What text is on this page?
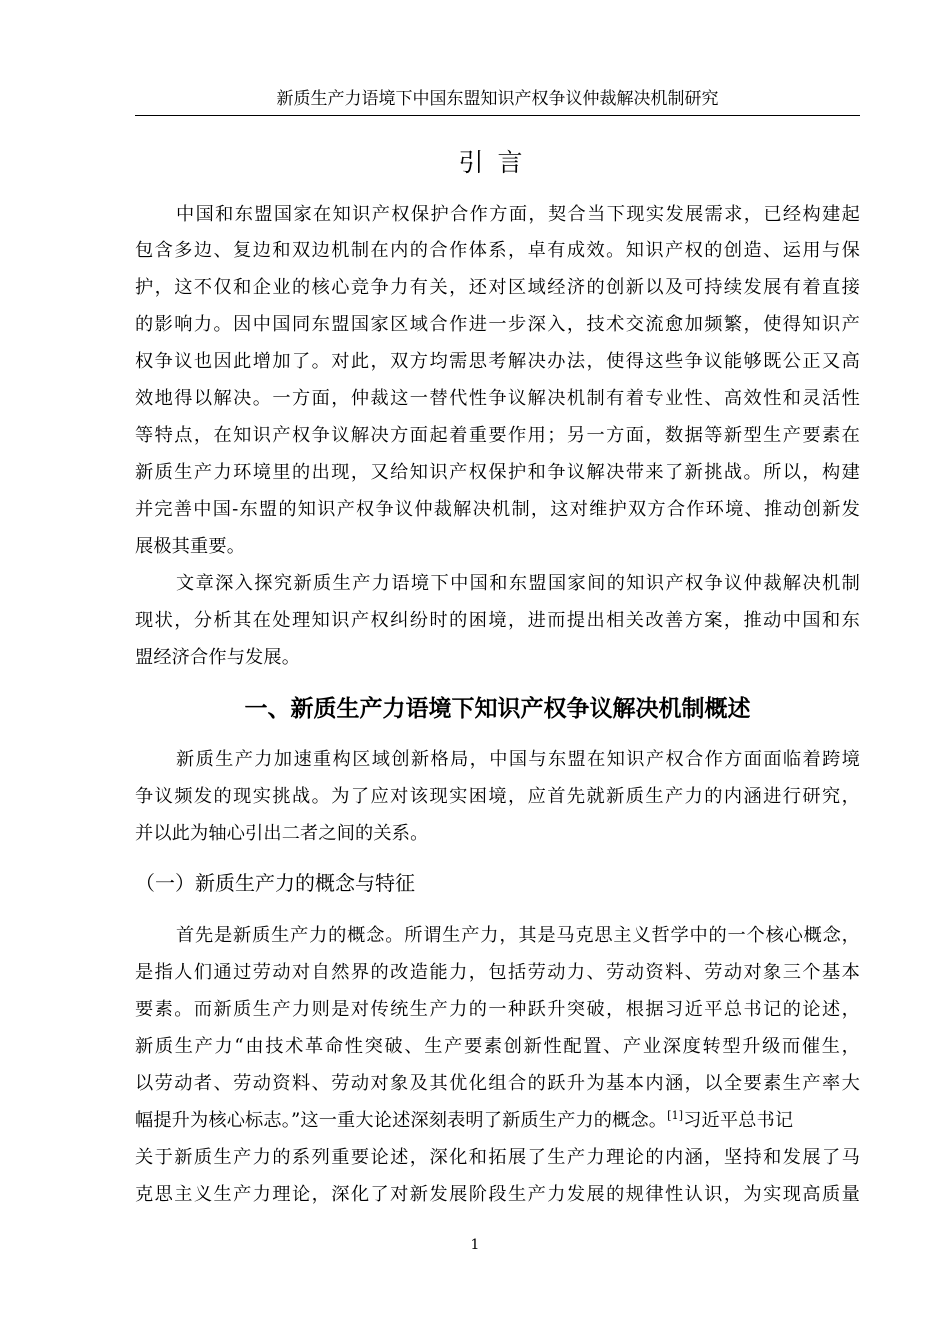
新质生产力语境下中国东盟知识产权争议仲裁解决机制研究
引言
中国和东盟国家在知识产权保护合作方面，契合当下现实发展需求，已经构建起
包含多边、复边和双边机制在内的合作体系，卓有成效。知识产权的创造、运用与保
护，这不仅和企业的核心竞争力有关，还对区域经济的创新以及可持续发展有着直接
的影响力。因中国同东盟国家区域合作进一步深入，技术交流愈加频繁，使得知识产
权争议也因此增加了。对此，双方均需思考解决办法，使得这些争议能够既公正又高
效地得以解决。一方面，仲裁这一替代性争议解决机制有着专业性、高效性和灵活性
等特点，在知识产权争议解决方面起着重要作用；另一方面，数据等新型生产要素在
新质生产力环境里的出现，又给知识产权保护和争议解决带来了新挑战。所以，构建
并完善中国-东盟的知识产权争议仲裁解决机制，这对维护双方合作环境、推动创新发
展极其重要。
文章深入探究新质生产力语境下中国和东盟国家间的知识产权争议仲裁解决机制
现状，分析其在处理知识产权纠纷时的困境，进而提出相关改善方案，推动中国和东
盟经济合作与发展。
一、新质生产力语境下知识产权争议解决机制概述
新质生产力加速重构区域创新格局，中国与东盟在知识产权合作方面面临着跨境
争议频发的现实挑战。为了应对该现实困境，应首先就新质生产力的内涵进行研究，
并以此为轴心引出二者之间的关系。
（一）新质生产力的概念与特征
首先是新质生产力的概念。所谓生产力，其是马克思主义哲学中的一个核心概念，
是指人们通过劳动对自然界的改造能力，包括劳动力、劳动资料、劳动对象三个基本
要素。而新质生产力则是对传统生产力的一种跃升突破，根据习近平总书记的论述，
新质生产力“由技术革命性突破、生产要素创新性配置、产业深度转型升级而催生，
以劳动者、劳动资料、劳动对象及其优化组合的跃升为基本内涵，以全要素生产率大
幅提升为核心标志。”这一重大论述深刻表明了新质生产力的概念。[1]习近平总书记
关于新质生产力的系列重要论述，深化和拓展了生产力理论的内涵，坚持和发展了马
克思主义生产力理论，深化了对新发展阶段生产力发展的规律性认识，为实现高质量
1
